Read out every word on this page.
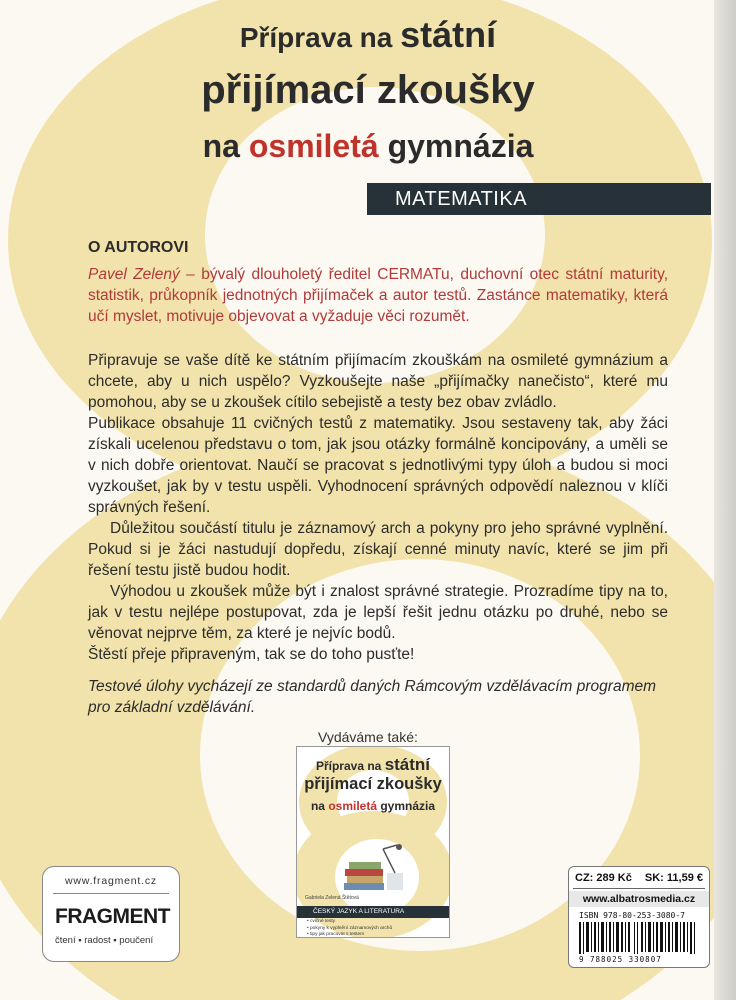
Příprava na státní
přijímací zkoušky
na osmiletá gymnázia
MATEMATIKA
O AUTOROVI
Pavel Zelený – bývalý dlouholetý ředitel CERMATu, duchovní otec státní maturity, statistik, průkopník jednotných přijímaček a autor testů. Zastánce matematiky, která učí myslet, motivuje objevovat a vyžaduje věci rozumět.
Připravuje se vaše dítě ke státním přijímacím zkouškám na osmileté gymnázium a chcete, aby u nich uspělo? Vyzkoušejte naše „přijímačky nanečisto“, které mu pomohou, aby se u zkoušek cítilo sebejistě a testy bez obav zvládlo.
Publikace obsahuje 11 cvičných testů z matematiky. Jsou sestaveny tak, aby žáci získali ucelenou představu o tom, jak jsou otázky formálně koncipovány, a uměli se v nich dobře orientovat. Naučí se pracovat s jednotlivými typy úloh a budou si moci vyzkoušet, jak by v testu uspěli. Vyhodnocení správných odpovědí naleznou v klíči správných řešení.
Důležitou součástí titulu je záznamový arch a pokyny pro jeho správné vyplnění. Pokud si je žáci nastudují dopředu, získají cenné minuty navíc, které se jim při řešení testu jistě budou hodit.
Výhodou u zkoušek může být i znalost správné strategie. Prozradíme tipy na to, jak v testu nejlépe postupovat, zda je lepší řešit jednu otázku po druhé, nebo se věnovat nejprve těm, za které je nejvíc bodů.
Štěstí přeje připraveným, tak se do toho pusťte!
Testové úlohy vycházejí ze standardů daných Rámcovým vzdělávacím programem pro základní vzdělávání.
Vydáváme také:
Příprava na státní
přijímací zkoušky
na osmiletá gymnázia
Gabriela Zelená Štětová
ČESKÝ JAZYK A LITERATURA
• cvičné testy
• pokyny k vyplnění záznamových archů
• tipy jak pracovat s testem
www.fragment.cz
FRAGMENT
čtení ▪ radost ▪ poučení
CZ: 289 Kč SK: 11,59 €
www.albatrosmedia.cz
ISBN 978-80-253-3080-7
9 788025 330807
